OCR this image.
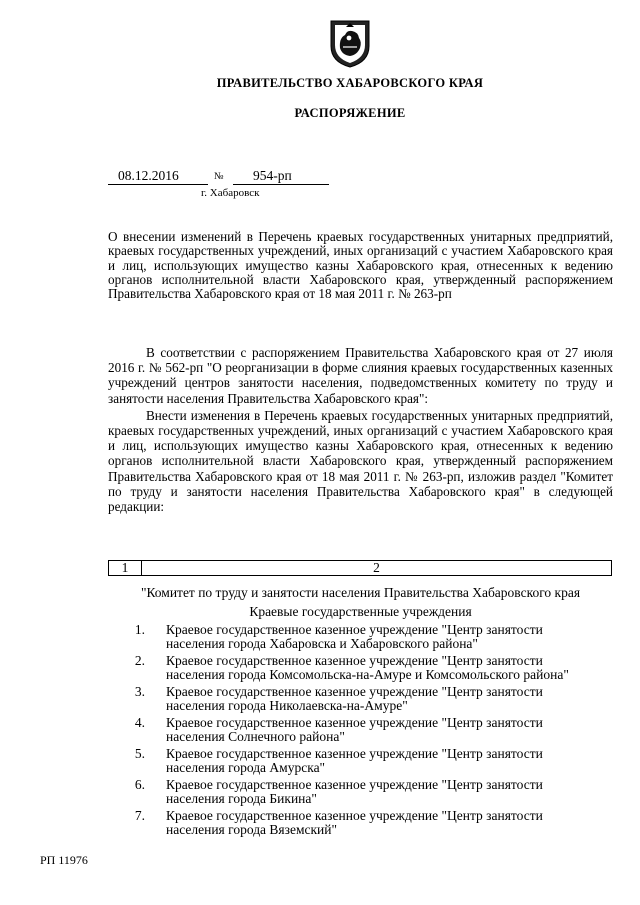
ПРАВИТЕЛЬСТВО ХАБАРОВСКОГО КРАЯ
РАСПОРЯЖЕНИЕ
08.12.2016	№	954-рп
г. Хабаровск
О внесении изменений в Перечень краевых государственных унитарных предприятий, краевых государственных учреждений, иных организаций с участием Хабаровского края и лиц, использующих имущество казны Хабаровского края, отнесенных к ведению органов исполнительной власти Хабаровского края, утвержденный распоряжением Правительства Хабаровского края от 18 мая 2011 г. № 263-рп

В соответствии с распоряжением Правительства Хабаровского края от 27 июля 2016 г. № 562-рп "О реорганизации в форме слияния краевых государственных казенных учреждений центров занятости населения, подведомственных комитету по труду и занятости населения Правительства Хабаровского края":

Внести изменения в Перечень краевых государственных унитарных предприятий, краевых государственных учреждений, иных организаций с участием Хабаровского края и лиц, использующих имущество казны Хабаровского края, отнесенных к ведению органов исполнительной власти Хабаровского края, утвержденный распоряжением Правительства Хабаровского края от 18 мая 2011 г. № 263-рп, изложив раздел "Комитет по труду и занятости населения Правительства Хабаровского края" в следующей редакции:

1	2
"Комитет по труду и занятости населения Правительства Хабаровского края
Краевые государственные учреждения
1.	Краевое государственное казенное учреждение "Центр занятости
населения города Хабаровска и Хабаровского района"
2.	Краевое государственное казенное учреждение "Центр занятости
населения города Комсомольска-на-Амуре и Комсомольского района"
3.	Краевое государственное казенное учреждение "Центр занятости
населения города Николаевска-на-Амуре"
4.	Краевое государственное казенное учреждение "Центр занятости
населения Солнечного района"
5.	Краевое государственное казенное учреждение "Центр занятости
населения города Амурска"
6.	Краевое государственное казенное учреждение "Центр занятости
населения города Бикина"
7.	Краевое государственное казенное учреждение "Центр занятости
населения города Вяземский"
РП 11976
